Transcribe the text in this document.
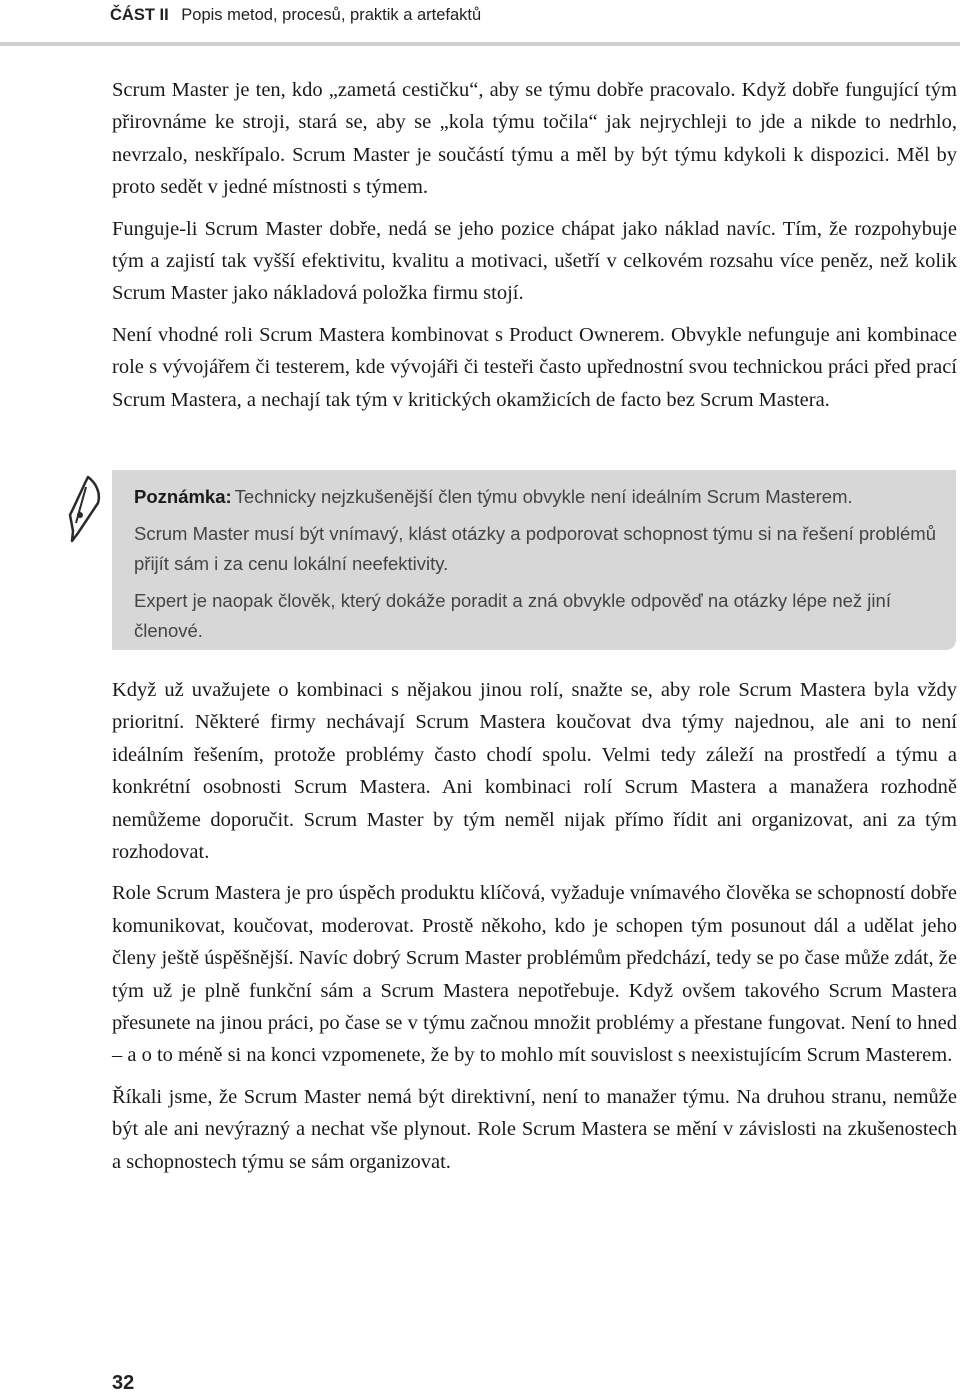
ČÁST II Popis metod, procesů, praktik a artefaktů

Scrum Master je ten, kdo „zametá cestičku“, aby se týmu dobře pracovalo. Když dobře fungující tým přirovnáme ke stroji, stará se, aby se „kola týmu točila“ jak nejrychleji to jde a nikde to nedrhlo, nevrzalo, neskřípalo. Scrum Master je součástí týmu a měl by být týmu kdykoli k dispozici. Měl by proto sedět v jedné místnosti s týmem.

Funguje-li Scrum Master dobře, nedá se jeho pozice chápat jako náklad navíc. Tím, že rozpohybuje tým a zajistí tak vyšší efektivitu, kvalitu a motivaci, ušetří v celkovém rozsahu více peněz, než kolik Scrum Master jako nákladová položka firmu stojí.

Není vhodné roli Scrum Mastera kombinovat s Product Ownerem. Obvykle nefunguje ani kombinace role s vývojářem či testerem, kde vývojáři či testeři často upřednostní svou technickou práci před prací Scrum Mastera, a nechají tak tým v kritických okamžicích de facto bez Scrum Mastera.

Poznámka: Technicky nejzkušenější člen týmu obvykle není ideálním Scrum Masterem.

Scrum Master musí být vnímavý, klást otázky a podporovat schopnost týmu si na řešení problémů přijít sám i za cenu lokální neefektivity.

Expert je naopak člověk, který dokáže poradit a zná obvykle odpověď na otázky lépe než jiní členové.

Když už uvažujete o kombinaci s nějakou jinou rolí, snažte se, aby role Scrum Mastera byla vždy prioritní. Některé firmy nechávají Scrum Mastera koučovat dva týmy najednou, ale ani to není ideálním řešením, protože problémy často chodí spolu. Velmi tedy záleží na prostředí a týmu a konkrétní osobnosti Scrum Mastera. Ani kombinaci rolí Scrum Mastera a manažera rozhodně nemůžeme doporučit. Scrum Master by tým neměl nijak přímo řídit ani organizovat, ani za tým rozhodovat.

Role Scrum Mastera je pro úspěch produktu klíčová, vyžaduje vnímavého člověka se schopností dobře komunikovat, koučovat, moderovat. Prostě někoho, kdo je schopen tým posunout dál a udělat jeho členy ještě úspěšnější. Navíc dobrý Scrum Master problémům předchází, tedy se po čase může zdát, že tým už je plně funkční sám a Scrum Mastera nepotřebuje. Když ovšem takového Scrum Mastera přesunete na jinou práci, po čase se v týmu začnou množit problémy a přestane fungovat. Není to hned – a o to méně si na konci vzpomenete, že by to mohlo mít souvislost s neexistujícím Scrum Masterem.

Říkali jsme, že Scrum Master nemá být direktivní, není to manažer týmu. Na druhou stranu, nemůže být ale ani nevýrazný a nechat vše plynout. Role Scrum Mastera se mění v závislosti na zkušenostech a schopnostech týmu se sám organizovat.

32
